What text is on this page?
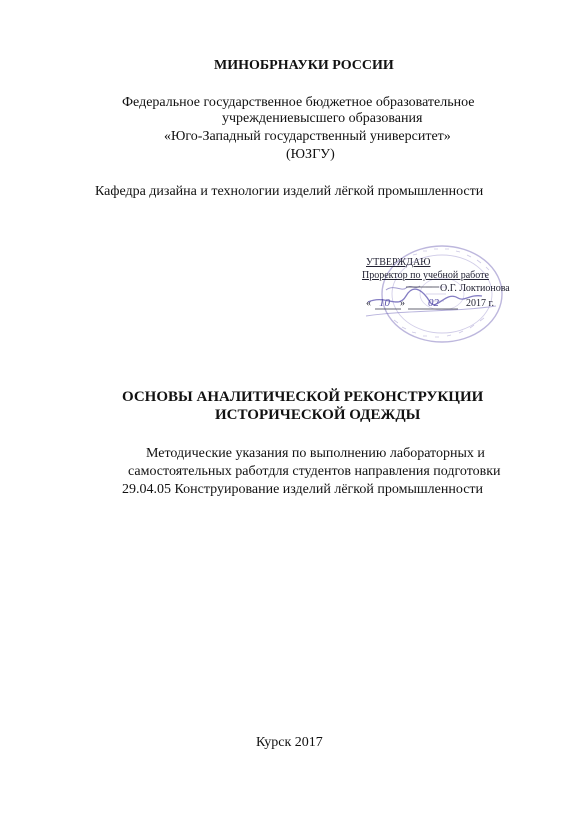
МИНОБРНАУКИ РОССИИ
Федеральное государственное бюджетное образовательное
учреждениевысшего образования
«Юго-Западный государственный университет»
(ЮЗГУ)
Кафедра дизайна и технологии изделий лёгкой промышленности
УТВЕРЖДАЮ
Проректор по учебной работе
О.Г. Локтионова
« 10 » 02	2017 г.
ОСНОВЫ АНАЛИТИЧЕСКОЙ РЕКОНСТРУКЦИИ
ИСТОРИЧЕСКОЙ ОДЕЖДЫ
Методические указания по выполнению лабораторных и
самостоятельных работдля студентов направления подготовки
29.04.05 Конструирование изделий лёгкой промышленности
Курск 2017
